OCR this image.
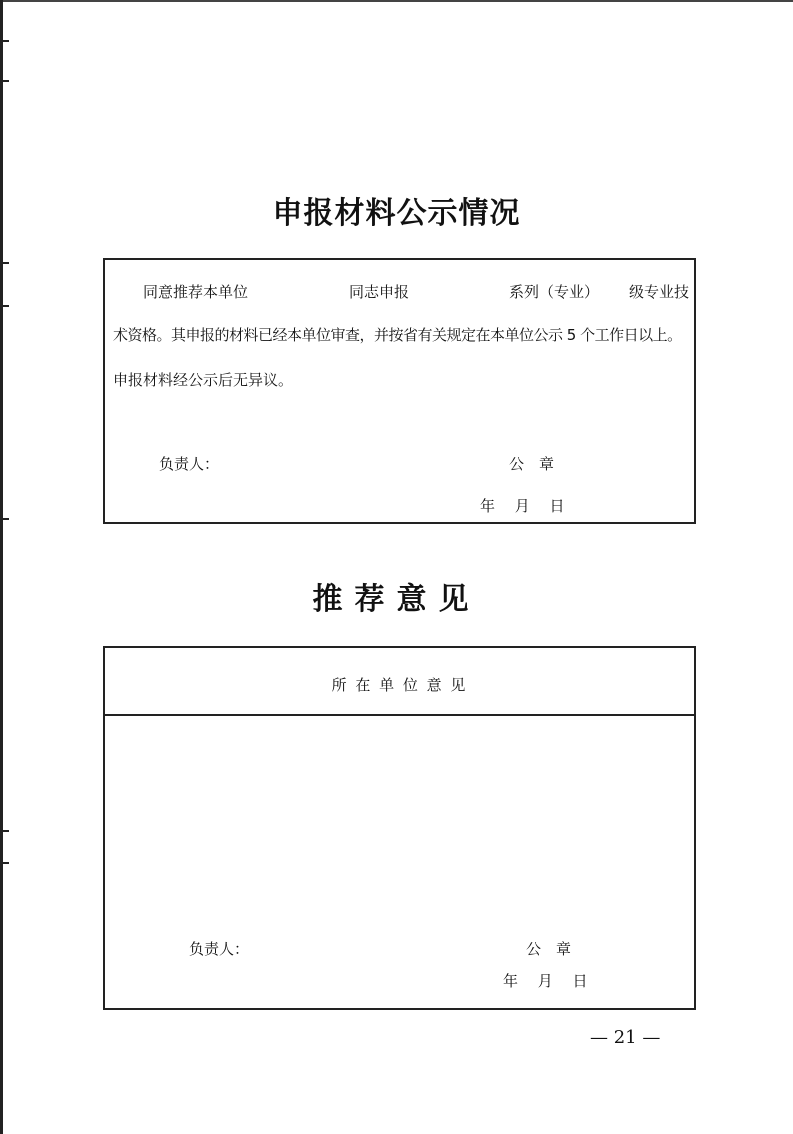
申报材料公示情况
同意推荐本单位	同志申报	系列（专业） 级专业技
术资格。其申报的材料已经本单位审查，并按省有关规定在本单位公示 5 个工作日以上。
申报材料经公示后无异议。
负责人：	公　章
年　 月　 日
推荐意见
所 在 单 位 意 见
负责人：	公　章
年　 月　 日
— 21 —
